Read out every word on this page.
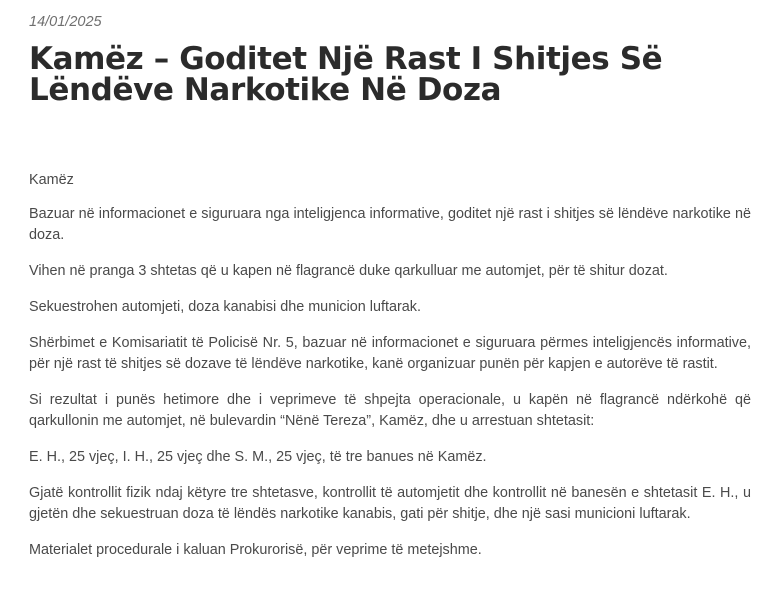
14/01/2025

Kamëz – Goditet Një Rast I Shitjes Së Lëndëve Narkotike Në Doza

Kamëz

Bazuar në informacionet e siguruara nga inteligjenca informative, goditet një rast i shitjes së lëndëve narkotike në doza.

Vihen në pranga 3 shtetas që u kapen në flagrancë duke qarkulluar me automjet, për të shitur dozat.

Sekuestrohen automjeti, doza kanabisi dhe municion luftarak.

Shërbimet e Komisariatit të Policisë Nr. 5, bazuar në informacionet e siguruara përmes inteligjencës informative, për një rast të shitjes së dozave të lëndëve narkotike, kanë organizuar punën për kapjen e autorëve të rastit.

Si rezultat i punës hetimore dhe i veprimeve të shpejta operacionale, u kapën në flagrancë ndërkohë që qarkullonin me automjet, në bulevardin “Nënë Tereza”, Kamëz, dhe u arrestuan shtetasit:

E. H., 25 vjeç, I. H., 25 vjeç dhe S. M., 25 vjeç, të tre banues në Kamëz.

Gjatë kontrollit fizik ndaj këtyre tre shtetasve, kontrollit të automjetit dhe kontrollit në banesën e shtetasit E. H., u gjetën dhe sekuestruan doza të lëndës narkotike kanabis, gati për shitje, dhe një sasi municioni luftarak.

Materialet procedurale i kaluan Prokurorisë, për veprime të metejshme.
